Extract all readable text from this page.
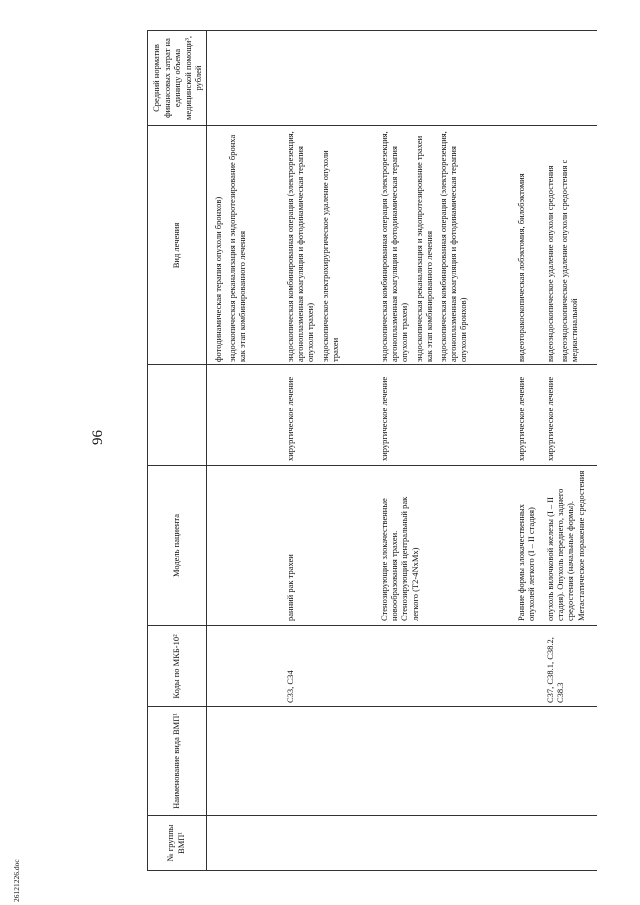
96
26121226.doc
№ группы ВМП¹
Наименование вида ВМП¹
Коды по МКБ-10²
Модель пациента
Вид лечения
Средний норматив финансовых затрат на единицу объема медицинской помощи³, рублей

фотодинамическая терапия опухоли бронхов) эндоскопическая реканализация и эндопротезирование бронха как этап комбинированного лечения

C33, C34
ранний рак трахеи
хирургическое лечение

эндоскопическая комбинированная операция (электрорезекция, аргоноплазменная коагуляция и фотодинамическая терапия опухоли трахеи) эндоскопическое электрохирургическое удаление опухоли трахеи

Стенозирующие злокачественные новообразования трахеи. Стенозирующий центральный рак легкого (T2-4NxMx)
хирургическое лечение

эндоскопическая комбинированная операция (электрорезекция, аргоноплазменная коагуляция и фотодинамическая терапия опухоли трахеи) эндоскопическая реканализация и эндопротезирование трахеи как этап комбинированного лечения эндоскопическая комбинированная операция (электрорезекция, аргоноплазменная коагуляция и фотодинамическая терапия опухоли бронхов)

Ранние формы злокачественных опухолей легкого (I – II стадия)
хирургическое лечение

видеоторакоскопическая лобэктомия, билобэктомия

C37, C38.1, C38.2, C38.3
опухоль вилочковой железы (I – II стадия). Опухоль переднего, заднего средостения (начальные формы). Метастатическое поражение средостения
хирургическое лечение

видеоэндоскопическое удаление опухоли средостения видеоэндоскопическое удаление опухоли средостения с медиастинальной
